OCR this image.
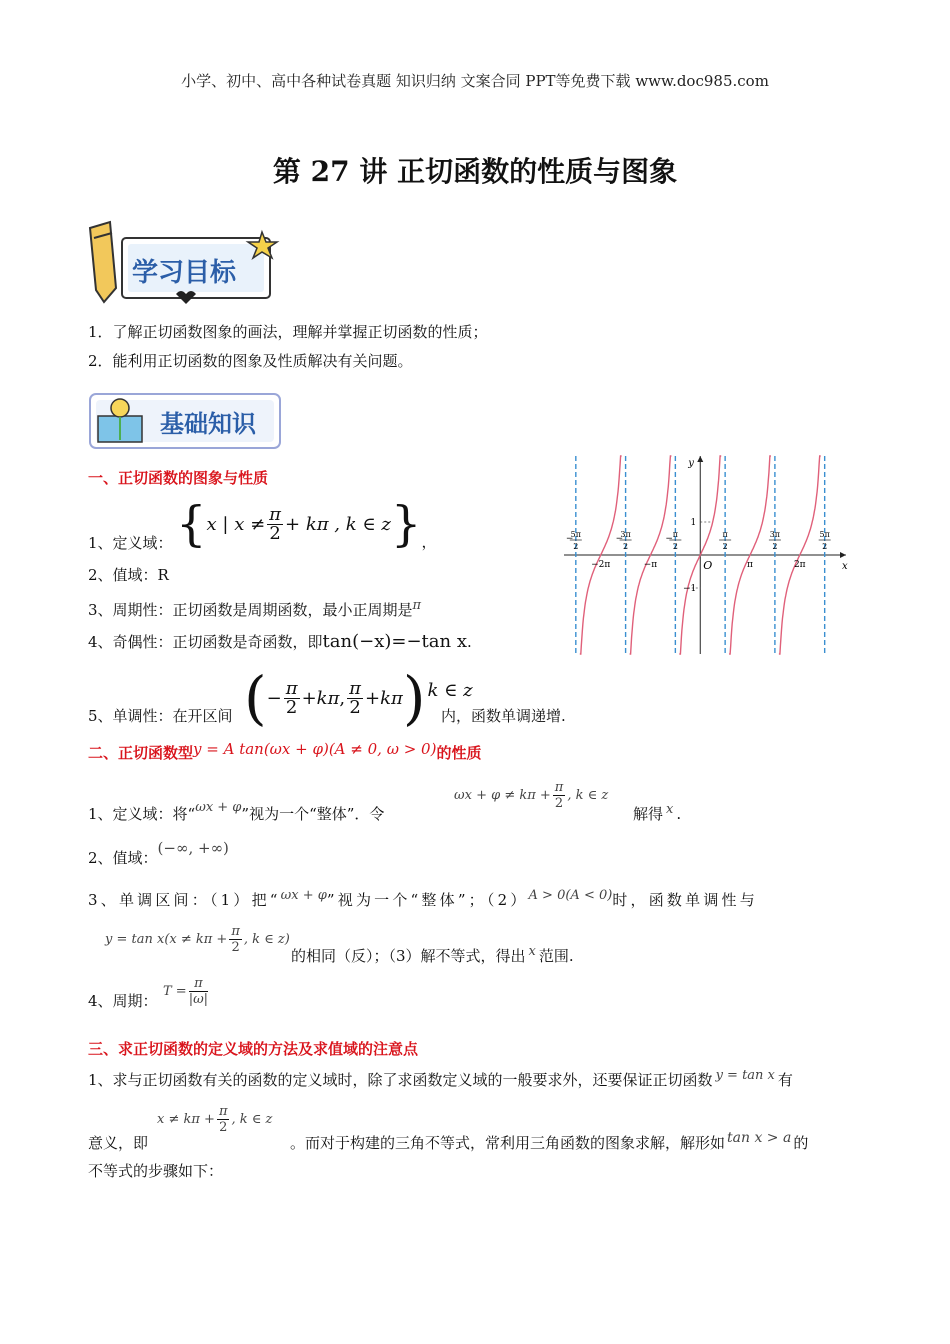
小学、初中、高中各种试卷真题 知识归纳 文案合同 PPT等免费下载 www.doc985.com
第 27 讲 正切函数的性质与图象
学习目标
1．了解正切函数图象的画法，理解并掌握正切函数的性质；
2．能利用正切函数的图象及性质解决有关问题。
基础知识
一、正切函数的图象与性质
1、定义域： { x | $x \ne \frac{\pi}{2} + k\pi$ , k ∈ z } ，
2、值域：R
3、周期性：正切函数是周期函数，最小正周期是π
4、奇偶性：正切函数是奇函数，即tan(−x)=−tan x.
5、单调性：在开区间 ( − $\frac{\pi}{2} +k\pi$ , $\frac{\pi}{2} +k\pi$ ) k ∈ z
内，函数单调递增.
x
y
O
−
5π
2
−
3π
2
− π
2
π
2
3π
2
5π
2
−2π	−π	π	2π
1
−1
二、正切函数型y = A tan(ωx + φ)(A ≠ 0, ω > 0)的性质
1、定义域：将“ωx + φ”视为一个“整体”．令
$\omega x + \varphi \ne k\pi + \frac{\pi}{2}$ , k ∈ z
解得 x .
2、值域：(−∞, +∞)
3、单调区间：（1）把“ωx + φ”视为一个“整体”；（2）A > 0(A < 0)时，函数单调性与
$y = \tan x(x \ne k\pi + \frac{\pi}{2}$ , k ∈ z)
的相同（反）；（3）解不等式，得出 x 范围.
4、周期：
$T = \frac{\pi}{|\omega|}$
三、求正切函数的定义域的方法及求值域的注意点
1、求与正切函数有关的函数的定义域时，除了求函数定义域的一般要求外，还要保证正切函数 y = tan x 有
意义，即
$x \ne k\pi + \frac{\pi}{2}$ , k ∈ z
。而对于构建的三角不等式，常利用三角函数的图象求解，解形如 tan x > a 的
不等式的步骤如下：
